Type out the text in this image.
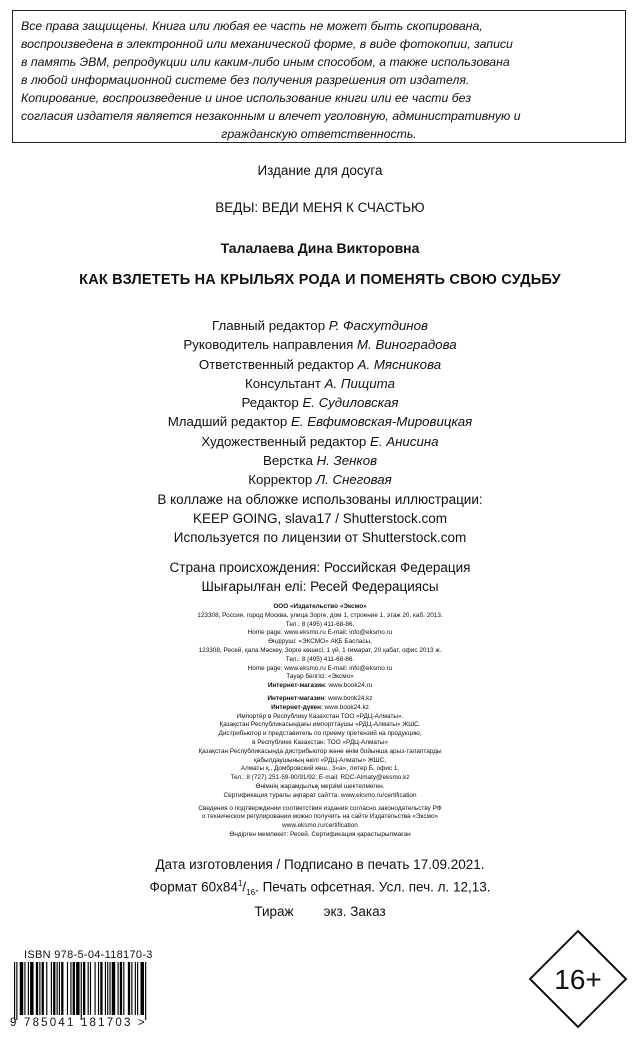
Все права защищены. Книга или любая ее часть не может быть скопирована,
воспроизведена в электронной или механической форме, в виде фотокопии, записи
в память ЭВМ, репродукции или каким-либо иным способом, а также использована
в любой информационной системе без получения разрешения от издателя.
Копирование, воспроизведение и иное использование книги или ее части без
согласия издателя является незаконным и влечет уголовную, административную и
гражданскую ответственность.
Издание для досуга
ВЕДЫ: ВЕДИ МЕНЯ К СЧАСТЬЮ
Талалаева Дина Викторовна
КАК ВЗЛЕТЕТЬ НА КРЫЛЬЯХ РОДА И ПОМЕНЯТЬ СВОЮ СУДЬБУ
Главный редактор Р. Фасхутдинов
Руководитель направления М. Виноградова
Ответственный редактор А. Мясникова
Консультант А. Пищита
Редактор Е. Судиловская
Младший редактор Е. Евфимовская-Мировицкая
Художественный редактор Е. Анисина
Верстка Н. Зенков
Корректор Л. Снеговая
В коллаже на обложке использованы иллюстрации:
KEEP GOING, slava17 / Shutterstock.com
Используется по лицензии от Shutterstock.com
Страна происхождения: Российская Федерация
Шығарылған елі: Ресей Федерациясы
ООО «Издательство «Эксмо»
123308, Россия, город Москва, улица Зорге, дом 1, строение 1, этаж 20, каб. 2013.
Тел.: 8 (495) 411-68-86.
Home page: www.eksmo.ru E-mail: info@eksmo.ru
Өндіруші: «ЭКСМО» АҚБ Баспасы,
123308, Ресей, қала Мәскеу, Зорге көшесі, 1 үй, 1 ғимарат, 20 қабат, офис 2013 ж.
Тел.: 8 (495) 411-68-86.
Home page: www.eksmo.ru E-mail: info@eksmo.ru
Тауар белгісі: «Эксмо»
Интернет-магазин: www.book24.ru
Интернет-магазин: www.book24.kz
Интернет-дүкен: www.book24.kz
Импортёр в Республику Казахстан ТОО «РДЦ-Алматы».
Қазақстан Республикасындағы импорттаушы «РДЦ-Алматы» ЖШС.
Дистрибьютор и представитель по приему претензий на продукцию,
в Республике Казахстан: ТОО «РДЦ-Алматы»
Қазақстан Республикасында дистрибьютор және өнім бойынша арыз-талаптарды
қабылдаушының өкілі «РДЦ-Алматы» ЖШС,
Алматы қ., Домбровский көш., 3«а», литер Б, офис 1.
Тел.: 8 (727) 251-59-90/91/92; E-mail: RDC-Almaty@eksmo.kz
Өнімнің жарамдылық мерзімі шектелмеген.
Сертификация туралы ақпарат сайтта: www.eksmo.ru/certification
Сведения о подтверждении соответствия издания согласно законодательству РФ
о техническом регулировании можно получить на сайте Издательства «Эксмо»
www.eksmo.ru/certification
Өндірген мемлекет: Ресей. Сертификация қарастырылмаған
Дата изготовления / Подписано в печать 17.09.2021.
Формат $60x84^1/_{16}$. Печать офсетная. Усл. печ. л. 12,13.
Тираж        экз. Заказ
ISBN 978-5-04-118170-3
9 785041 181703 >
16+
